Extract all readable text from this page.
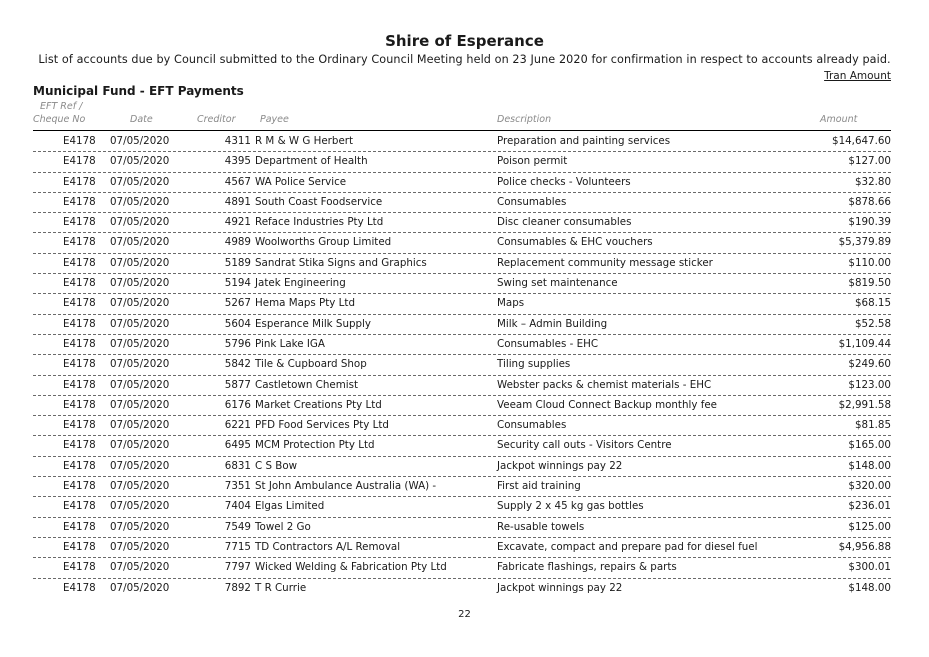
Shire of Esperance
List of accounts due by Council submitted to the Ordinary Council Meeting held on 23 June 2020 for confirmation in respect to accounts already paid.
Tran Amount
Municipal Fund - EFT Payments
EFT Ref /
Cheque No	Date	Creditor	Payee	Description	Amount
E4178 07/05/2020	4311 R M & W G Herbert	Preparation and painting services	$14,647.60
E4178 07/05/2020	4395 Department of Health	Poison permit	$127.00
E4178 07/05/2020	4567 WA Police Service	Police checks - Volunteers	$32.80
E4178 07/05/2020	4891 South Coast Foodservice	Consumables	$878.66
E4178 07/05/2020	4921 Reface Industries Pty Ltd	Disc cleaner consumables	$190.39
E4178 07/05/2020	4989 Woolworths Group Limited	Consumables & EHC vouchers	$5,379.89
E4178 07/05/2020	5189 Sandrat Stika Signs and Graphics	Replacement community message sticker	$110.00
E4178 07/05/2020	5194 Jatek Engineering	Swing set maintenance	$819.50
E4178 07/05/2020	5267 Hema Maps Pty Ltd	Maps	$68.15
E4178 07/05/2020	5604 Esperance Milk Supply	Milk – Admin Building	$52.58
E4178 07/05/2020	5796 Pink Lake IGA	Consumables - EHC	$1,109.44
E4178 07/05/2020	5842 Tile & Cupboard Shop	Tiling supplies	$249.60
E4178 07/05/2020	5877 Castletown Chemist	Webster packs & chemist materials - EHC	$123.00
E4178 07/05/2020	6176 Market Creations Pty Ltd	Veeam Cloud Connect Backup monthly fee	$2,991.58
E4178 07/05/2020	6221 PFD Food Services Pty Ltd	Consumables	$81.85
E4178 07/05/2020	6495 MCM Protection Pty Ltd	Security call outs - Visitors Centre	$165.00
E4178 07/05/2020	6831 C S Bow	Jackpot winnings pay 22	$148.00
E4178 07/05/2020	7351 St John Ambulance Australia (WA) -	First aid training	$320.00
E4178 07/05/2020	7404 Elgas Limited	Supply 2 x 45 kg gas bottles	$236.01
E4178 07/05/2020	7549 Towel 2 Go	Re-usable towels	$125.00
E4178 07/05/2020	7715 TD Contractors A/L Removal	Excavate, compact and prepare pad for diesel fuel	$4,956.88
E4178 07/05/2020	7797 Wicked Welding & Fabrication Pty Ltd	Fabricate flashings, repairs & parts	$300.01
E4178 07/05/2020	7892 T R Currie	Jackpot winnings pay 22	$148.00
22
